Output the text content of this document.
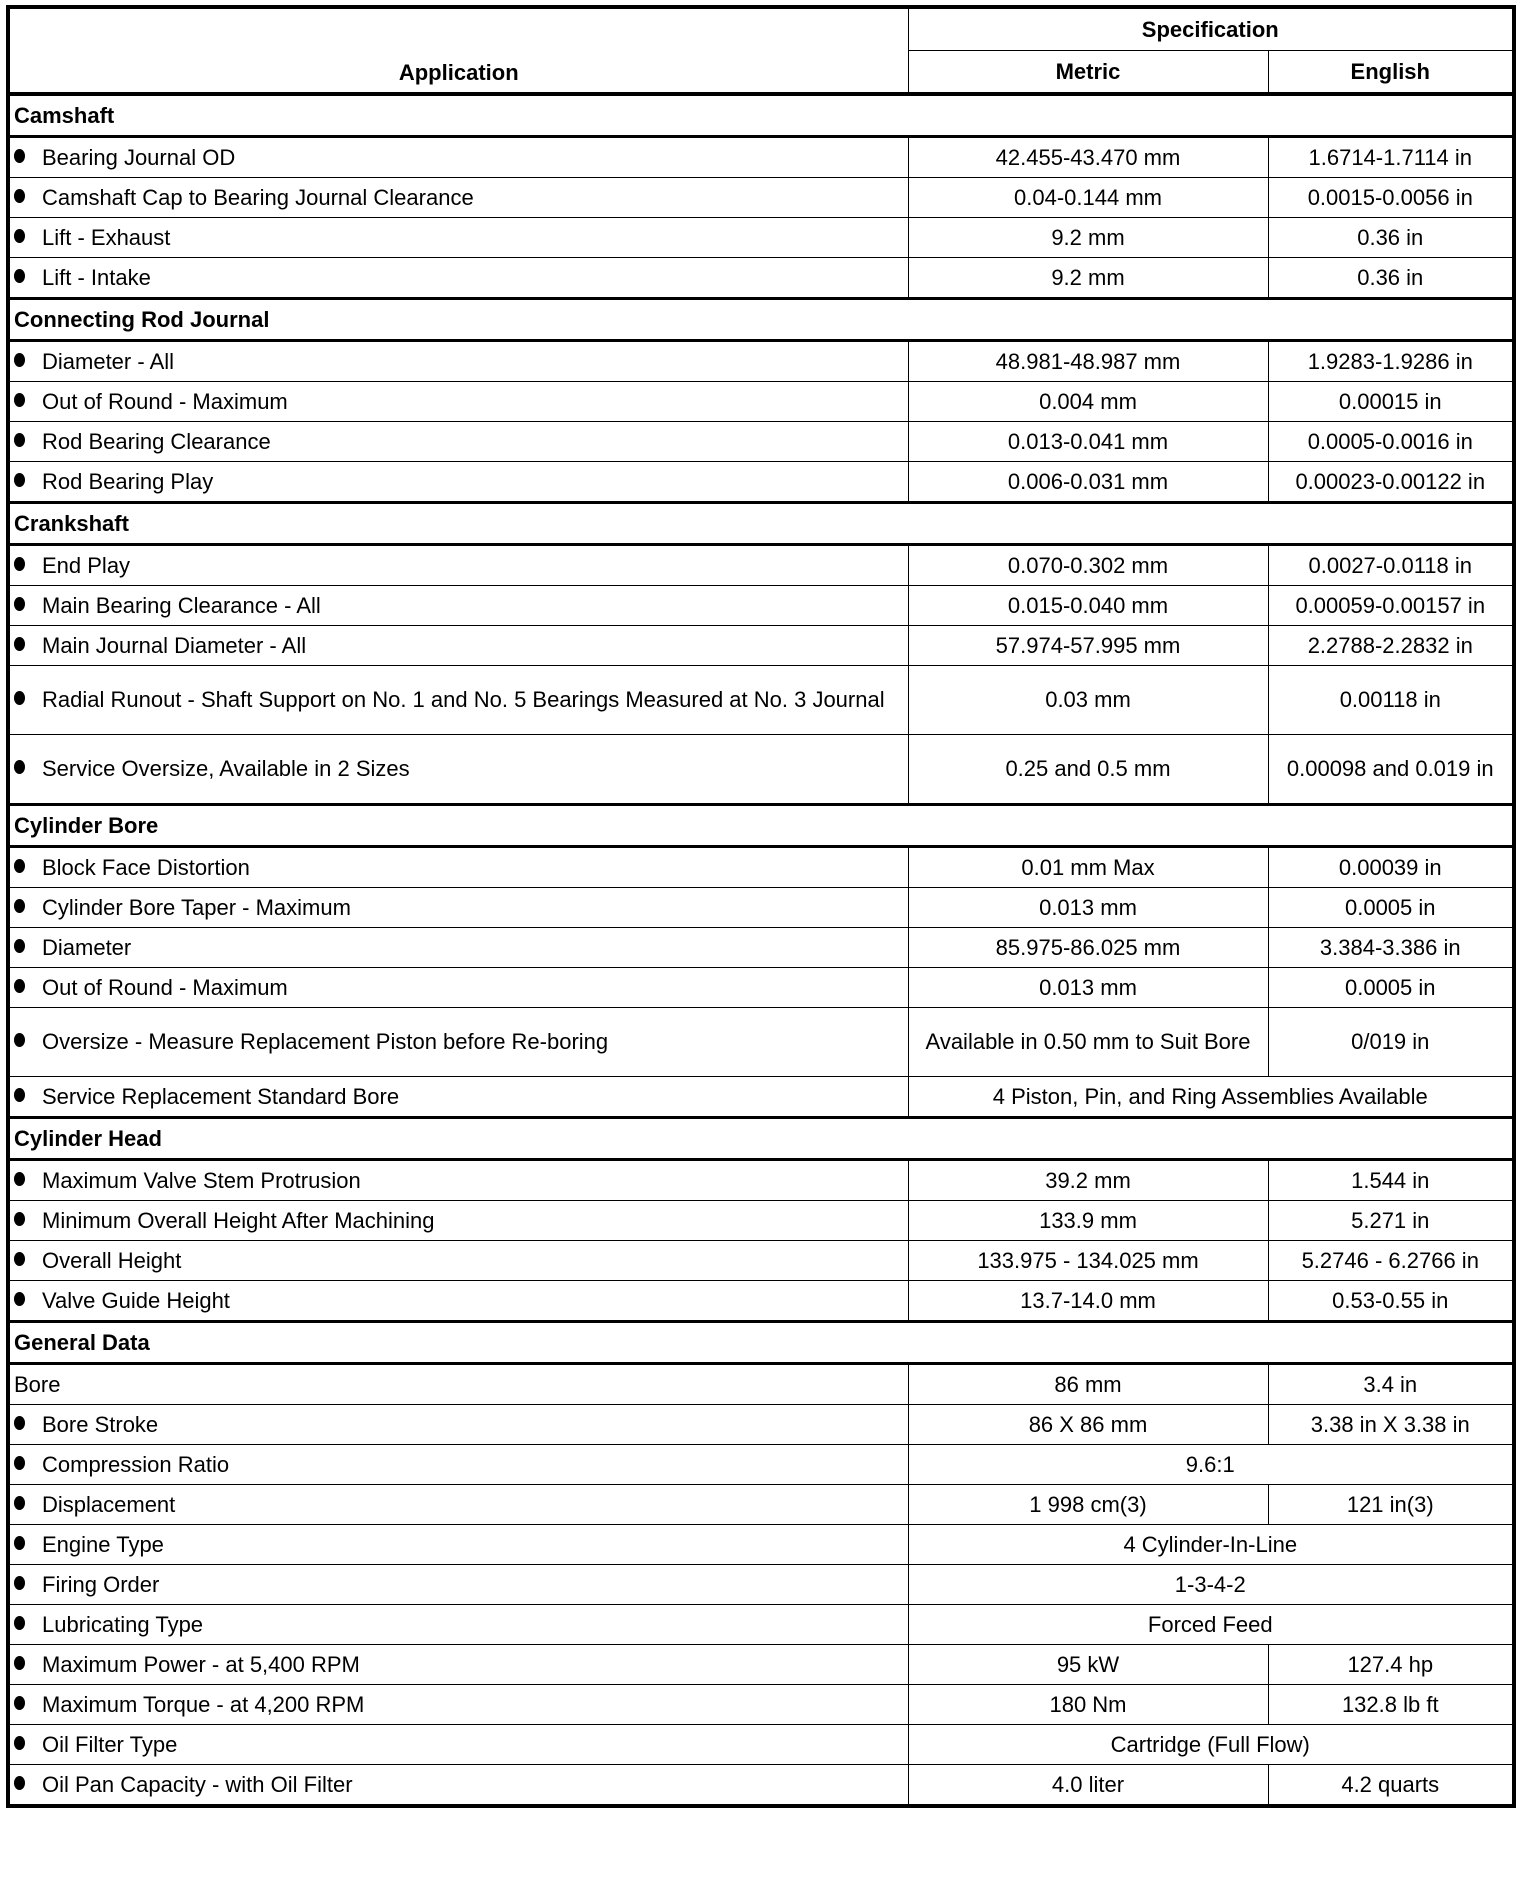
Application	Specification	
	Metric	English
Camshaft		

Bearing Journal OD	42.455-43.470 mm	1.6714-1.7114 in

Camshaft Cap to Bearing Journal Clearance	0.04-0.144 mm	0.0015-0.0056 in

Lift - Exhaust	9.2 mm	0.36 in

Lift - Intake	9.2 mm	0.36 in
Connecting Rod Journal		

Diameter - All	48.981-48.987 mm	1.9283-1.9286 in

Out of Round - Maximum	0.004 mm	0.00015 in

Rod Bearing Clearance	0.013-0.041 mm	0.0005-0.0016 in

Rod Bearing Play	0.006-0.031 mm	0.00023-0.00122 in
Crankshaft		

End Play	0.070-0.302 mm	0.0027-0.0118 in

Main Bearing Clearance - All	0.015-0.040 mm	0.00059-0.00157 in

Main Journal Diameter - All	57.974-57.995 mm	2.2788-2.2832 in

Radial Runout - Shaft Support on No. 1 and No. 5 Bearings Measured at No. 3 Journal	0.03 mm	0.00118 in

Service Oversize, Available in 2 Sizes	0.25 and 0.5 mm	0.00098 and 0.019 in
Cylinder Bore		

Block Face Distortion	0.01 mm Max	0.00039 in

Cylinder Bore Taper - Maximum	0.013 mm	0.0005 in

Diameter	85.975-86.025 mm	3.384-3.386 in

Out of Round - Maximum	0.013 mm	0.0005 in

Oversize - Measure Replacement Piston before Re-boring	Available in 0.50 mm to Suit Bore	0/019 in

Service Replacement Standard Bore	4 Piston, Pin, and Ring Assemblies Available	
Cylinder Head		

Maximum Valve Stem Protrusion	39.2 mm	1.544 in

Minimum Overall Height After Machining	133.9 mm	5.271 in

Overall Height	133.975 - 134.025 mm	5.2746 - 6.2766 in

Valve Guide Height	13.7-14.0 mm	0.53-0.55 in
General Data		

Bore	86 mm	3.4 in

Bore Stroke	86 X 86 mm	3.38 in X 3.38 in

Compression Ratio	9.6:1	

Displacement	1 998 cm(3)	121 in(3)

Engine Type	4 Cylinder-In-Line	

Firing Order	1-3-4-2	

Lubricating Type	Forced Feed	

Maximum Power - at 5,400 RPM	95 kW	127.4 hp

Maximum Torque - at 4,200 RPM	180 Nm	132.8 lb ft

Oil Filter Type	Cartridge (Full Flow)	

Oil Pan Capacity - with Oil Filter	4.0 liter	4.2 quarts
